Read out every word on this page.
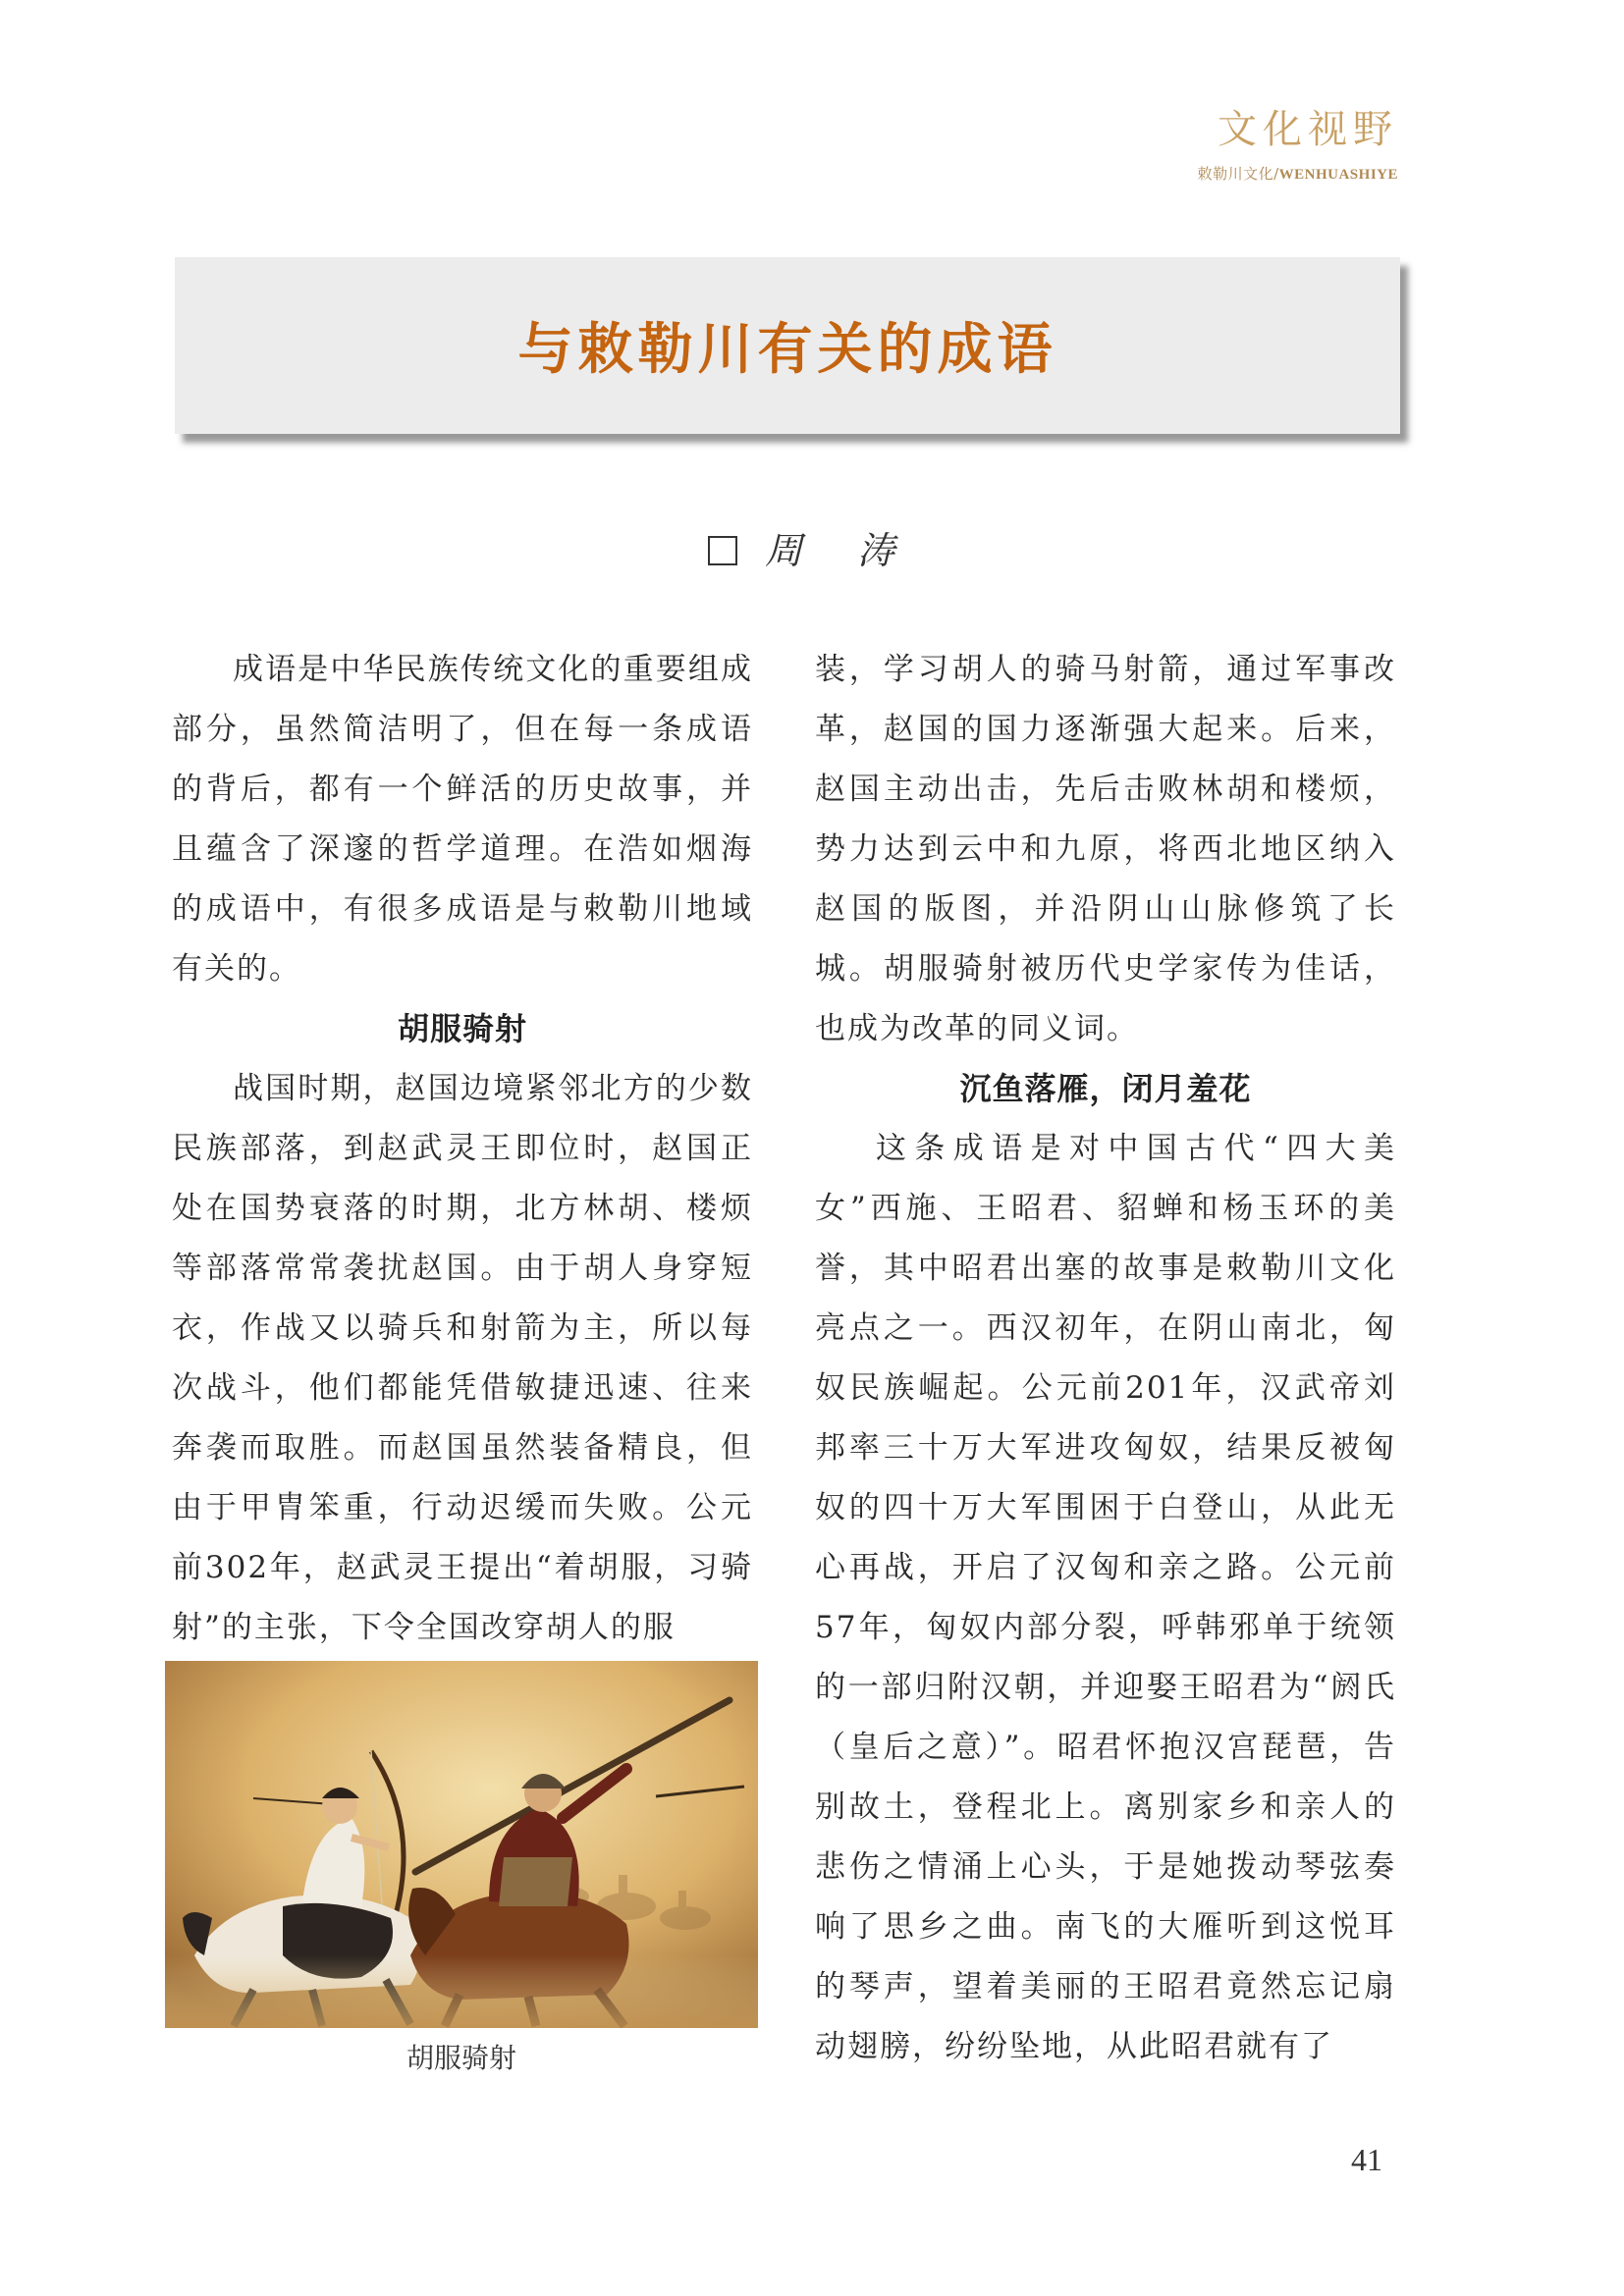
文化视野
敕勒川文化/WENHUASHIYE
与敕勒川有关的成语
周 涛

成语是中华民族传统文化的重要组成部分，虽然简洁明了，但在每一条成语的背后，都有一个鲜活的历史故事，并且蕴含了深邃的哲学道理。在浩如烟海的成语中，有很多成语是与敕勒川地域有关的。

胡服骑射

战国时期，赵国边境紧邻北方的少数民族部落，到赵武灵王即位时，赵国正处在国势衰落的时期，北方林胡、楼烦等部落常常袭扰赵国。由于胡人身穿短衣，作战又以骑兵和射箭为主，所以每次战斗，他们都能凭借敏捷迅速、往来奔袭而取胜。而赵国虽然装备精良，但由于甲胄笨重，行动迟缓而失败。公元前302年，赵武灵王提出“着胡服，习骑射”的主张，下令全国改穿胡人的服

胡服骑射

装，学习胡人的骑马射箭，通过军事改革，赵国的国力逐渐强大起来。后来，赵国主动出击，先后击败林胡和楼烦，势力达到云中和九原，将西北地区纳入赵国的版图，并沿阴山山脉修筑了长城。胡服骑射被历代史学家传为佳话，也成为改革的同义词。

沉鱼落雁，闭月羞花

这条成语是对中国古代“四大美女”西施、王昭君、貂蝉和杨玉环的美誉，其中昭君出塞的故事是敕勒川文化亮点之一。西汉初年，在阴山南北，匈奴民族崛起。公元前201年，汉武帝刘邦率三十万大军进攻匈奴，结果反被匈奴的四十万大军围困于白登山，从此无心再战，开启了汉匈和亲之路。公元前57年，匈奴内部分裂，呼韩邪单于统领的一部归附汉朝，并迎娶王昭君为“阏氏（皇后之意）”。昭君怀抱汉宫琵琶，告别故土，登程北上。离别家乡和亲人的悲伤之情涌上心头，于是她拨动琴弦奏响了思乡之曲。南飞的大雁听到这悦耳的琴声，望着美丽的王昭君竟然忘记扇动翅膀，纷纷坠地，从此昭君就有了

41
